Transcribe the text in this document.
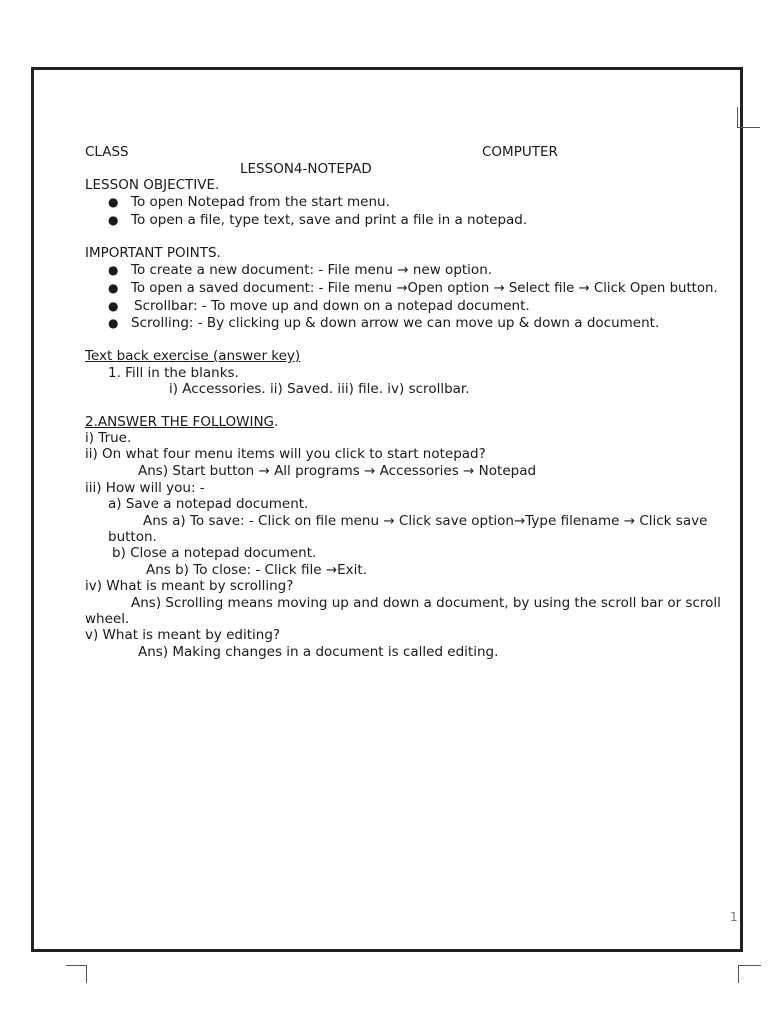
CLASS	COMPUTER
LESSON4-NOTEPAD
LESSON OBJECTIVE.
● To open Notepad from the start menu.
● To open a file, type text, save and print a file in a notepad.
IMPORTANT POINTS.
● To create a new document: - File menu → new option.
● To open a saved document: - File menu →Open option → Select file → Click Open button.
● Scrollbar: - To move up and down on a notepad document.
● Scrolling: - By clicking up & down arrow we can move up & down a document.
Text back exercise (answer key)
1. Fill in the blanks.
i) Accessories. ii) Saved. iii) file. iv) scrollbar.
2.ANSWER THE FOLLOWING.
i) True.
ii) On what four menu items will you click to start notepad?
Ans) Start button → All programs → Accessories → Notepad
iii) How will you: -
a) Save a notepad document.
Ans a) To save: - Click on file menu → Click save option→Type filename → Click save
button.
b) Close a notepad document.
Ans b) To close: - Click file →Exit.
iv) What is meant by scrolling?
Ans) Scrolling means moving up and down a document, by using the scroll bar or scroll
wheel.
v) What is meant by editing?
Ans) Making changes in a document is called editing.
1
